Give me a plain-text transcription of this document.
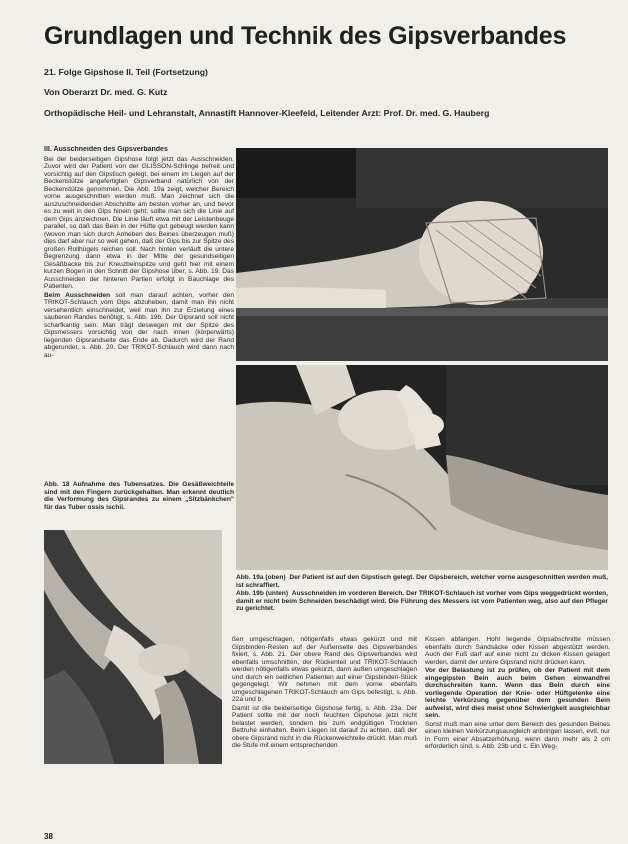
Grundlagen und Technik des Gipsverbandes
21. Folge Gipshose II. Teil (Fortsetzung)
Von Oberarzt Dr. med. G. Kutz
Orthopädische Heil- und Lehranstalt, Annastift Hannover-Kleefeld, Leitender Arzt: Prof. Dr. med. G. Hauberg
III. Ausschneiden des Gipsverbandes

Bei der beiderseitigen Gipshose folgt jetzt das Ausschneiden. Zuvor wird der Patient von der GLISSON-Schlinge befreit und vorsichtig auf den Gipstisch gelegt, bei einem im Liegen auf der Beckenstütze angefertigten Gipsverband natürlich von der Beckenstütze genommen. Die Abb. 19a zeigt, welcher Bereich vorne ausgeschnitten werden muß. Man zeichnet sich die auszuschneidenden Abschnitte am besten vorher an, und bevor es zu weit in den Gips hinein geht, sollte man sich die Linie auf dem Gips anzeichnen. Die Linie läuft etwa mit der Leistenbeuge parallel, so daß das Bein in der Hüfte gut gebeugt werden kann (wovon man sich durch Anheben des Beines überzeugen muß) dies darf aber nur so weit gehen, daß der Gips bis zur Spitze des großen Rollhügels reichen soll. Nach hinten verläuft die untere Begrenzung dann etwa in der Mitte der gesundseitigen Gesäßbacke bis zur Kreuzbeinspitze und geht hier mit einem kurzen Bogen in den Schnitt der Gipshose über, s. Abb. 19. Das Ausschneiden der hinteren Partien erfolgt in Bauchlage des Patienten.

Beim Ausschneiden soll man darauf achten, vorher den TRIKOT-Schlauch vom Gips abzuheben, damit man ihn nicht versehentlich einschneidet, weil man ihn zur Erzielung eines sauberen Randes benötigt, s. Abb. 19b. Der Gipsrand soll nicht scharfkantig sein. Man trägt deswegen mit der Spitze des Gipsmessers vorsichtig von der nach innen (körperwärts) liegenden Gipsrandseite das Ende ab. Dadurch wird der Rand abgerundet, s. Abb. 20. Der TRIKOT-Schlauch wird dann nach au-

Abb. 18 Aufnahme des Tubensatzes. Die Gesäßweichteile sind mit den Fingern zurückgehalten. Man erkennt deutlich die Verformung des Gipsrandes zu einem „Sitzbänkchen" für das Tuber ossis ischii.

Abb. 19a (oben) Der Patient ist auf den Gipstisch gelegt. Der Gipsbereich, welcher vorne ausgeschnitten werden muß, ist schraffiert.

Abb. 19b (unten) Ausschneiden im vorderen Bereich. Der TRIKOT-Schlauch ist vorher vom Gips weggedrückt worden, damit er nicht beim Schneiden beschädigt wird. Die Führung des Messers ist vom Patienten weg, also auf den Pfleger zu gerichtet.

ßen umgeschlagen, nötigenfalls etwas gekürzt und mit Gipsbinden-Resten auf der Außenseite des Gipsverbandes fixiert, s. Abb. 21. Der obere Rand des Gipsverbandes wird ebenfalls umschnitten, der Rückenteil und TRIKOT-Schlauch werden nötigenfalls etwas gekürzt, dann außen umgeschlagen und durch ein seitlichen Patienten auf einer Gipsbinden-Stück gegengelegt. Wir nehmen mit dem vorne ebenfalls umgeschlagenen TRIKOT-Schlauch am Gips befestigt, s. Abb. 22a und b.

Damit ist die beiderseitige Gipshose fertig, s. Abb. 23a. Der Patient sollte mit der noch feuchten Gipshose jetzt nicht belastet werden, sondern bis zum endgültigen Trocknen Bettruhe einhalten. Beim Liegen ist darauf zu achten, daß der obere Gipsrand nicht in die Rückenweichteile drückt. Man muß die Stufe mit einem entsprechenden

Kissen abfangen. Hohl liegende Gipsabschnitte müssen ebenfalls durch Sandsäcke oder Kissen abgestützt werden. Auch der Fuß darf auf einer nicht zu dicken Kissen gelagert werden, damit der untere Gipsrand nicht drücken kann.

Vor der Belastung ist zu prüfen, ob der Patient mit dem eingegipsten Bein auch beim Gehen einwandfrei durchschreiten kann. Wenn das Bein durch eine vorliegende Operation der Knie- oder Hüftgelenke eine leichte Verkürzung gegenüber dem gesunden Bein aufweist, wird dies meist ohne Schwierigkeit ausgleichbar sein.

Sonst muß man eine unter dem Bereich des gesunden Beines einen kleinen Verkürzungsausgleich anbringen lassen, evtl. nur in Form einer Absatzerhöhung, wenn dann mehr als 2 cm erforderlich sind, s. Abb. 23b und c. Ein Weg-

38
